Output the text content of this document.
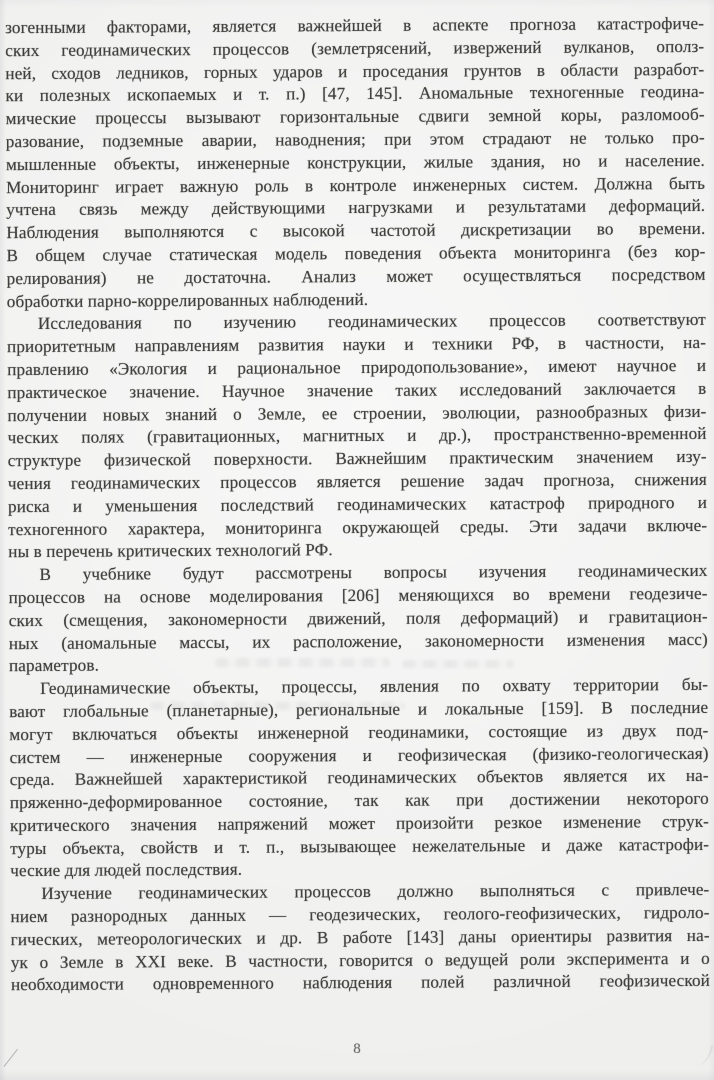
зогенными факторами, является важнейшей в аспекте прогноза катастрофиче-
ских геодинамических процессов (землетрясений, извержений вулканов, ополз-
ней, сходов ледников, горных ударов и проседания грунтов в области разработ-
ки полезных ископаемых и т. п.) [47, 145]. Аномальные техногенные геодина-
мические процессы вызывают горизонтальные сдвиги земной коры, разломооб-
разование, подземные аварии, наводнения; при этом страдают не только про-
мышленные объекты, инженерные конструкции, жилые здания, но и население.
Мониторинг играет важную роль в контроле инженерных систем. Должна быть
учтена связь между действующими нагрузками и результатами деформаций.
Наблюдения выполняются с высокой частотой дискретизации во времени.
В общем случае статическая модель поведения объекта мониторинга (без кор-
релирования) не достаточна. Анализ может осуществляться посредством
обработки парно-коррелированных наблюдений.
Исследования по изучению геодинамических процессов соответствуют
приоритетным направлениям развития науки и техники РФ, в частности, на-
правлению «Экология и рациональное природопользование», имеют научное и
практическое значение. Научное значение таких исследований заключается в
получении новых знаний о Земле, ее строении, эволюции, разнообразных физи-
ческих полях (гравитационных, магнитных и др.), пространственно-временной
структуре физической поверхности. Важнейшим практическим значением изу-
чения геодинамических процессов является решение задач прогноза, снижения
риска и уменьшения последствий геодинамических катастроф природного и
техногенного характера, мониторинга окружающей среды. Эти задачи включе-
ны в перечень критических технологий РФ.
В учебнике будут рассмотрены вопросы изучения геодинамических
процессов на основе моделирования [206] меняющихся во времени геодезиче-
ских (смещения, закономерности движений, поля деформаций) и гравитацион-
ных (аномальные массы, их расположение, закономерности изменения масс)
параметров.
Геодинамические объекты, процессы, явления по охвату территории бы-
вают глобальные (планетарные), региональные и локальные [159]. В последние
могут включаться объекты инженерной геодинамики, состоящие из двух под-
систем — инженерные сооружения и геофизическая (физико-геологическая)
среда. Важнейшей характеристикой геодинамических объектов является их на-
пряженно-деформированное состояние, так как при достижении некоторого
критического значения напряжений может произойти резкое изменение струк-
туры объекта, свойств и т. п., вызывающее нежелательные и даже катастрофи-
ческие для людей последствия.
Изучение геодинамических процессов должно выполняться с привлече-
нием разнородных данных — геодезических, геолого-геофизических, гидроло-
гических, метеорологических и др. В работе [143] даны ориентиры развития на-
ук о Земле в XXI веке. В частности, говорится о ведущей роли эксперимента и о
необходимости одновременного наблюдения полей различной геофизической
8
